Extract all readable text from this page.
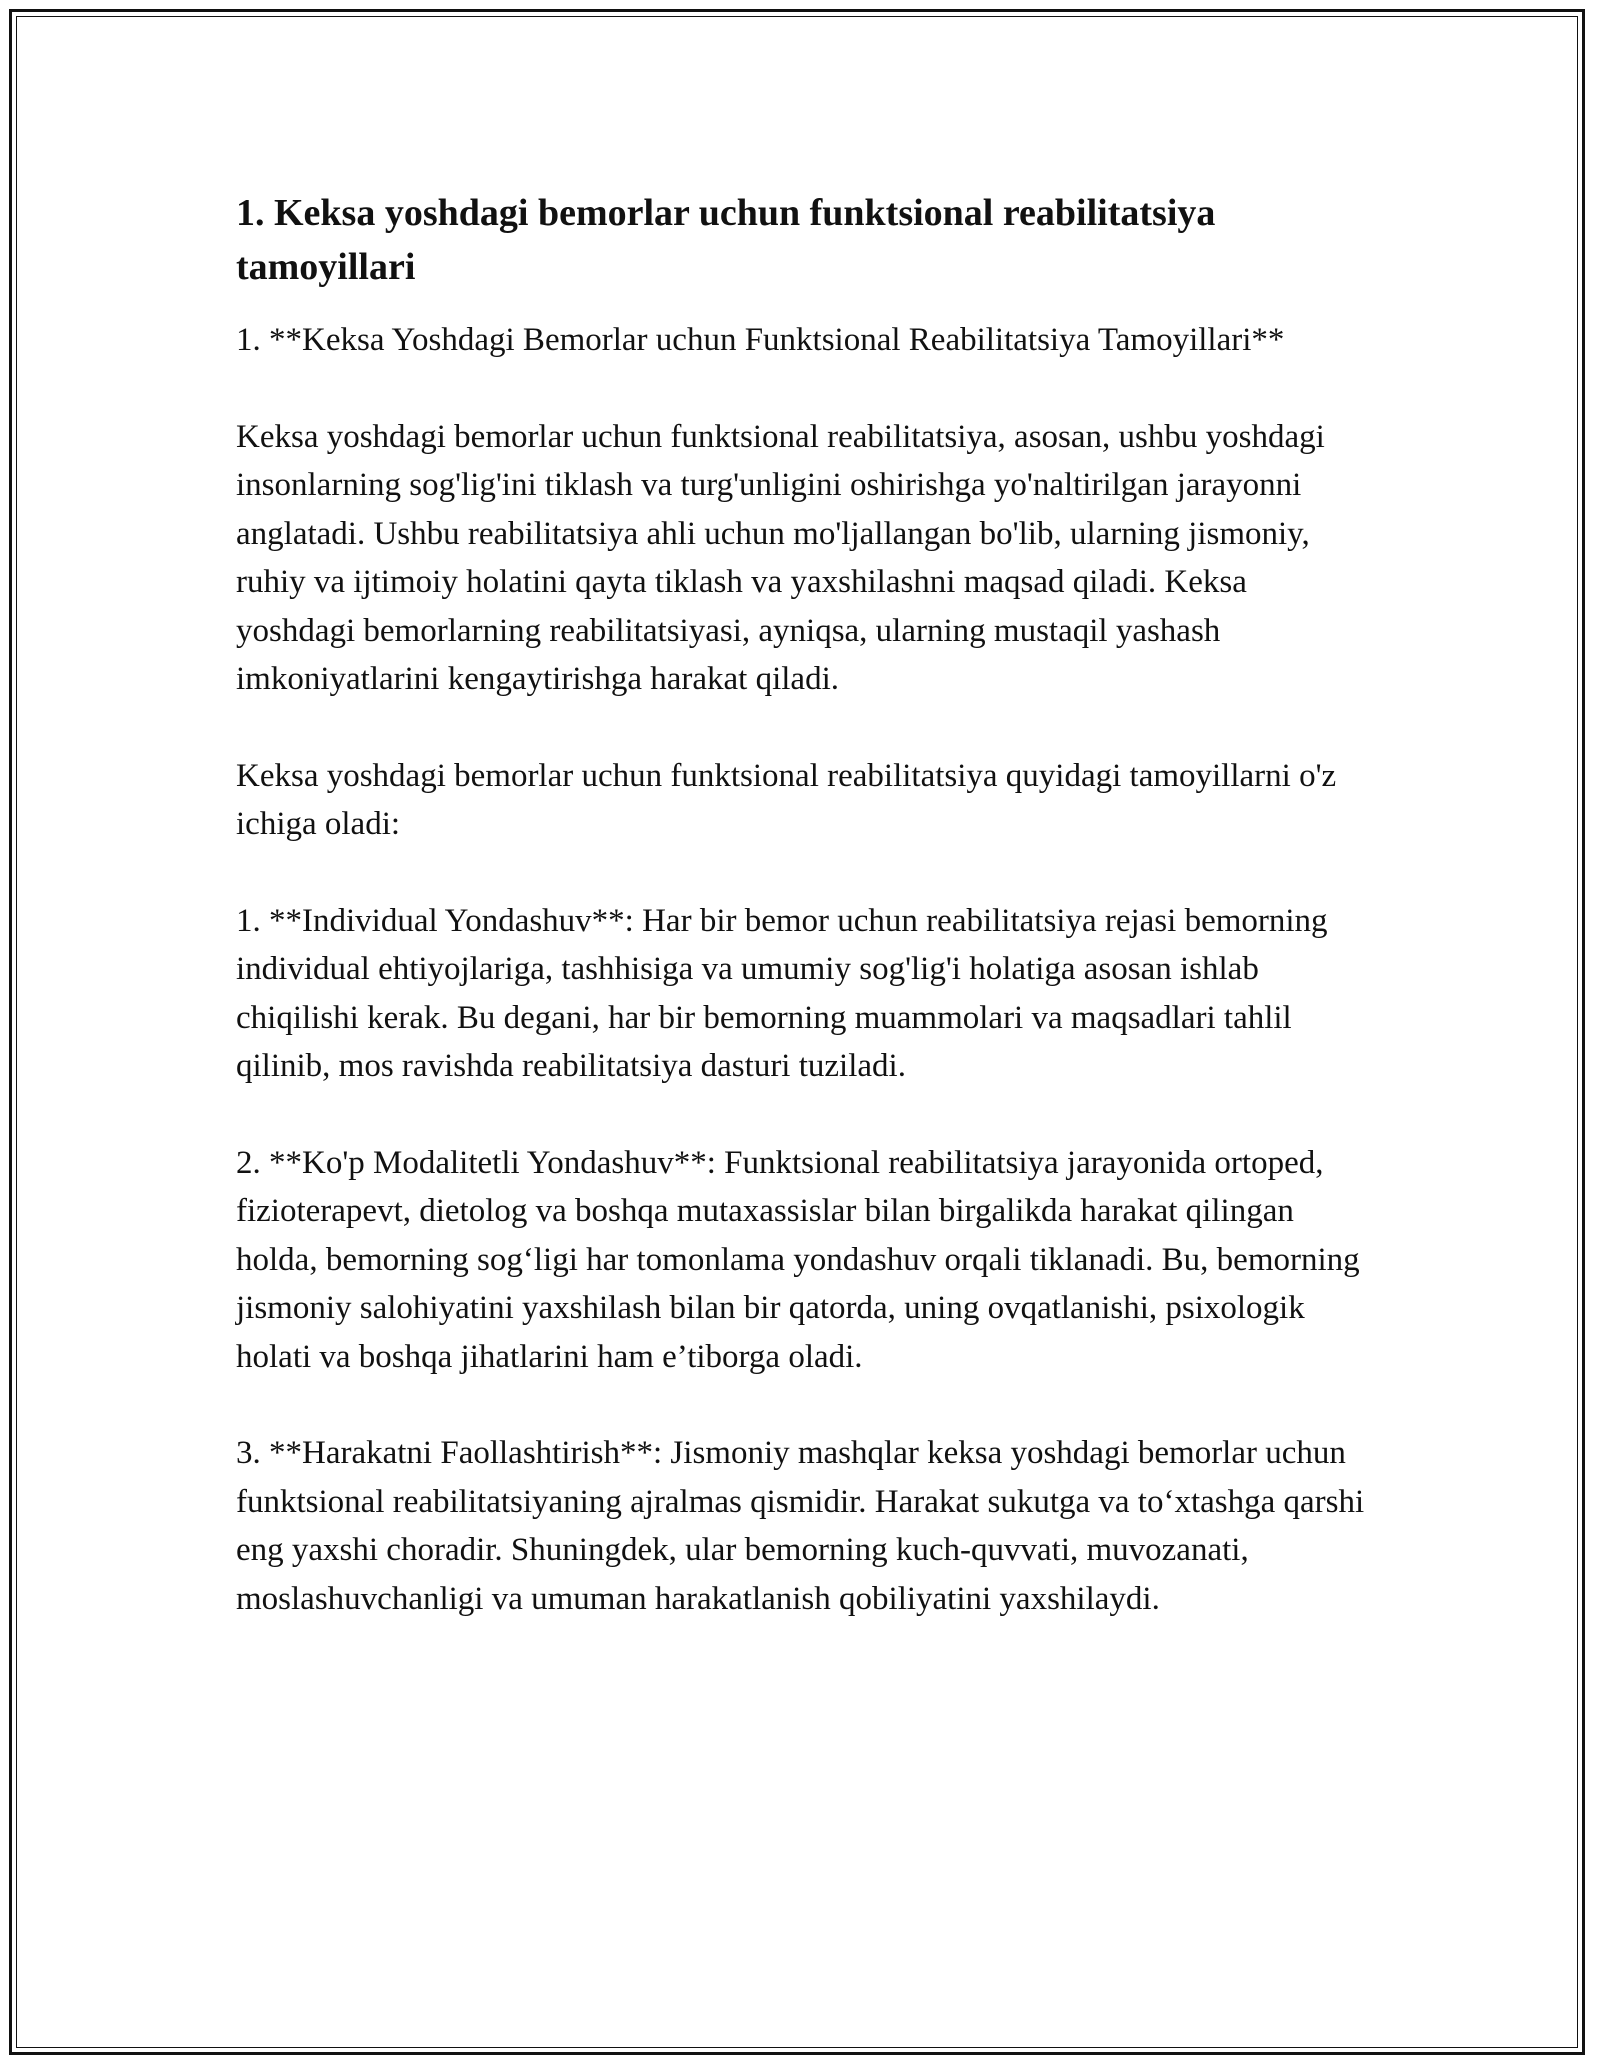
1. Keksa yoshdagi bemorlar uchun funktsional reabilitatsiya tamoyillari

1. **Keksa Yoshdagi Bemorlar uchun Funktsional Reabilitatsiya Tamoyillari**

Keksa yoshdagi bemorlar uchun funktsional reabilitatsiya, asosan, ushbu yoshdagi insonlarning sog'lig'ini tiklash va turg'unligini oshirishga yo'naltirilgan jarayonni anglatadi. Ushbu reabilitatsiya ahli uchun mo'ljallangan bo'lib, ularning jismoniy, ruhiy va ijtimoiy holatini qayta tiklash va yaxshilashni maqsad qiladi. Keksa yoshdagi bemorlarning reabilitatsiyasi, ayniqsa, ularning mustaqil yashash imkoniyatlarini kengaytirishga harakat qiladi.

Keksa yoshdagi bemorlar uchun funktsional reabilitatsiya quyidagi tamoyillarni o'z ichiga oladi:

1. **Individual Yondashuv**: Har bir bemor uchun reabilitatsiya rejasi bemorning individual ehtiyojlariga, tashhisiga va umumiy sog'lig'i holatiga asosan ishlab chiqilishi kerak. Bu degani, har bir bemorning muammolari va maqsadlari tahlil qilinib, mos ravishda reabilitatsiya dasturi tuziladi.

2. **Ko'p Modalitetli Yondashuv**: Funktsional reabilitatsiya jarayonida ortoped, fizioterapevt, dietolog va boshqa mutaxassislar bilan birgalikda harakat qilingan holda, bemorning sog‘ligi har tomonlama yondashuv orqali tiklanadi. Bu, bemorning jismoniy salohiyatini yaxshilash bilan bir qatorda, uning ovqatlanishi, psixologik holati va boshqa jihatlarini ham e’tiborga oladi.

3. **Harakatni Faollashtirish**: Jismoniy mashqlar keksa yoshdagi bemorlar uchun funktsional reabilitatsiyaning ajralmas qismidir. Harakat sukutga va to‘xtashga qarshi eng yaxshi choradir. Shuningdek, ular bemorning kuch-quvvati, muvozanati, moslashuvchanligi va umuman harakatlanish qobiliyatini yaxshilaydi.
